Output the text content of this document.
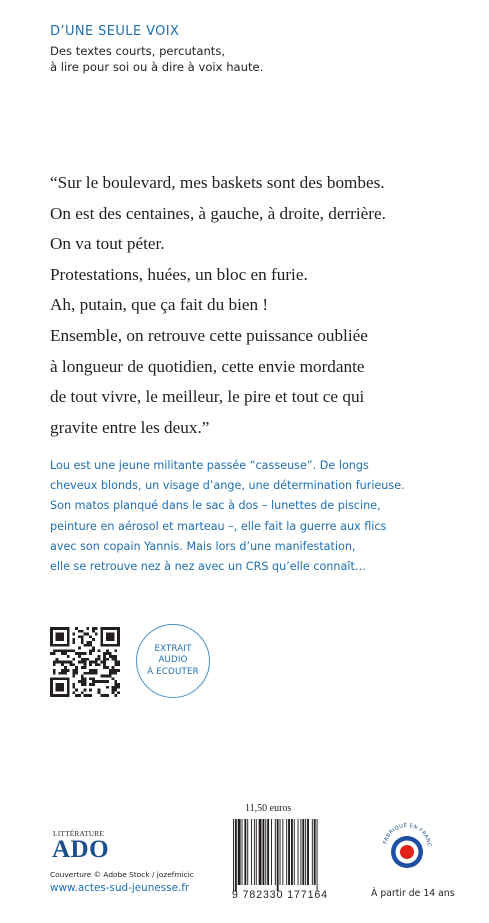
D’UNE SEULE VOIX
Des textes courts, percutants,
à lire pour soi ou à dire à voix haute.
“Sur le boulevard, mes baskets sont des bombes.
On est des centaines, à gauche, à droite, derrière.
On va tout péter.
Protestations, huées, un bloc en furie.
Ah, putain, que ça fait du bien !
Ensemble, on retrouve cette puissance oubliée
à longueur de quotidien, cette envie mordante
de tout vivre, le meilleur, le pire et tout ce qui
gravite entre les deux.”
Lou est une jeune militante passée “casseuse”. De longs
cheveux blonds, un visage d’ange, une détermination furieuse.
Son matos planqué dans le sac à dos – lunettes de piscine,
peinture en aérosol et marteau –, elle fait la guerre aux flics
avec son copain Yannis. Mais lors d’une manifestation,
elle se retrouve nez à nez avec un CRS qu’elle connaît…
EXTRAIT
AUDIO
À ECOUTER
11,50 euros
LITTÉRATURE
ADO
Couverture © Adobe Stock / jozefmicic
www.actes-sud-jeunesse.fr
9 782330 177164
FABRIQUÉ EN FRANC
À partir de 14 ans
